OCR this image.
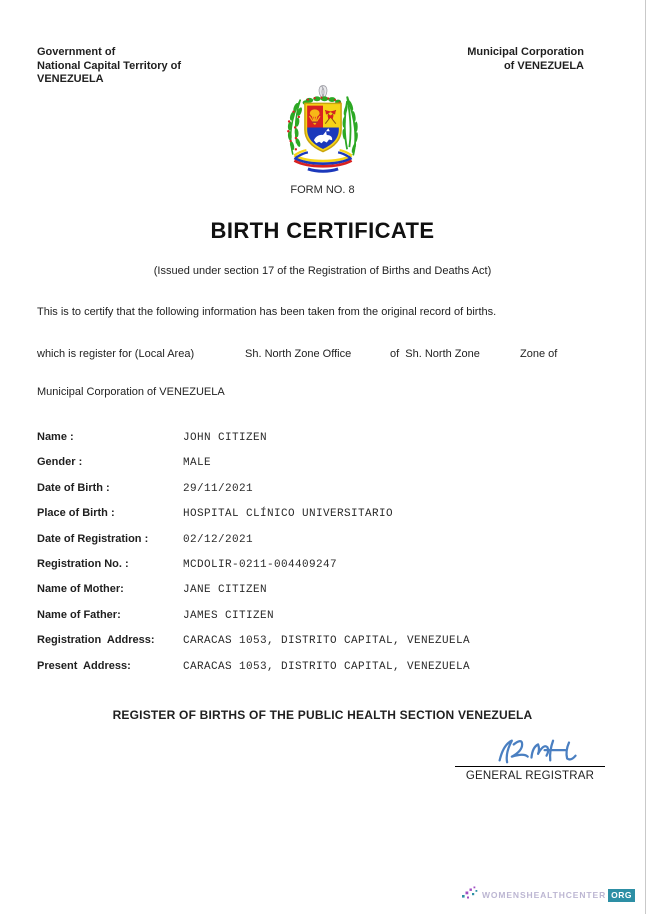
Government of
National Capital Territory of
VENEZUELA
Municipal Corporation
of VENEZUELA
FORM NO. 8
BIRTH CERTIFICATE
(Issued under section 17 of the Registration of Births and Deaths Act)
This is to certify that the following information has been taken from the original record of births.
which is register for (Local Area)	Sh. North Zone Office	of  Sh. North Zone	Zone of
Municipal Corporation of VENEZUELA
Name :	JOHN CITIZEN
Gender :	MALE
Date of Birth :	29/11/2021
Place of Birth :	HOSPITAL CLÍNICO UNIVERSITARIO
Date of Registration :	02/12/2021
Registration No. :	MCDOLIR-0211-004409247
Name of Mother:	JANE CITIZEN
Name of Father:	JAMES CITIZEN
Registration  Address:	CARACAS 1053, DISTRITO CAPITAL, VENEZUELA
Present  Address:	CARACAS 1053, DISTRITO CAPITAL, VENEZUELA
REGISTER OF BIRTHS OF THE PUBLIC HEALTH SECTION VENEZUELA
GENERAL REGISTRAR
WOMENSHEALTHCENTER ORG
